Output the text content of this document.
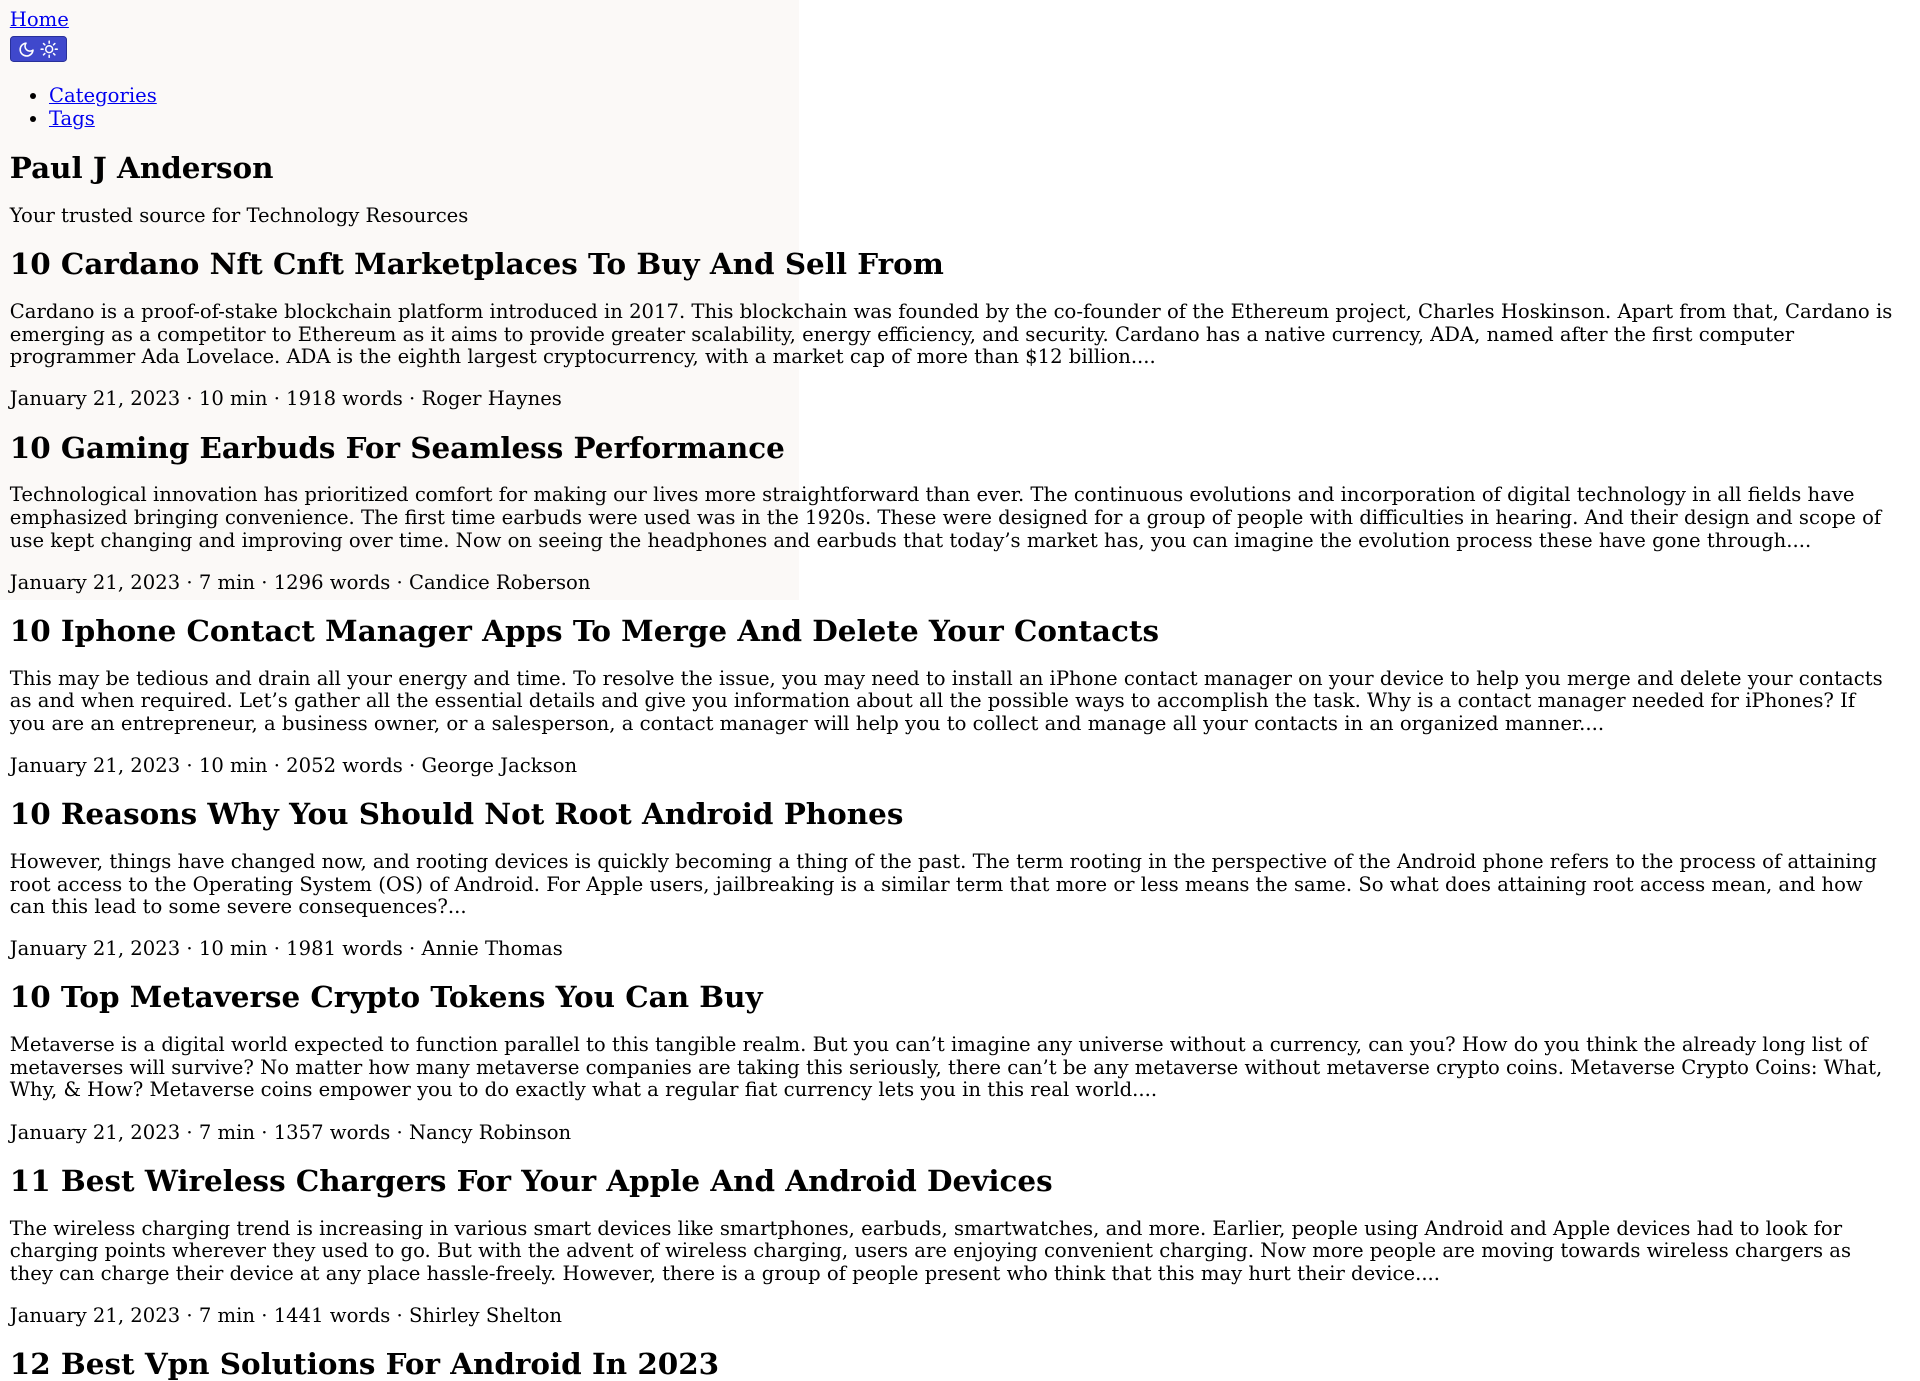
Home

• Categories
• Tags
Paul J Anderson

Your trusted source for Technology Resources

10 Cardano Nft Cnft Marketplaces To Buy And Sell From

Cardano is a proof-of-stake blockchain platform introduced in 2017. This blockchain was founded by the co-founder of the Ethereum project, Charles Hoskinson. Apart from that, Cardano is emerging as a competitor to Ethereum as it aims to provide greater scalability, energy efficiency, and security. Cardano has a native currency, ADA, named after the first computer programmer Ada Lovelace. ADA is the eighth largest cryptocurrency, with a market cap of more than $12 billion....

January 21, 2023 · 10 min · 1918 words · Roger Haynes
10 Gaming Earbuds For Seamless Performance

Technological innovation has prioritized comfort for making our lives more straightforward than ever. The continuous evolutions and incorporation of digital technology in all fields have emphasized bringing convenience. The first time earbuds were used was in the 1920s. These were designed for a group of people with difficulties in hearing. And their design and scope of use kept changing and improving over time. Now on seeing the headphones and earbuds that today’s market has, you can imagine the evolution process these have gone through....

January 21, 2023 · 7 min · 1296 words · Candice Roberson
10 Iphone Contact Manager Apps To Merge And Delete Your Contacts

This may be tedious and drain all your energy and time. To resolve the issue, you may need to install an iPhone contact manager on your device to help you merge and delete your contacts as and when required. Let’s gather all the essential details and give you information about all the possible ways to accomplish the task. Why is a contact manager needed for iPhones? If you are an entrepreneur, a business owner, or a salesperson, a contact manager will help you to collect and manage all your contacts in an organized manner....

January 21, 2023 · 10 min · 2052 words · George Jackson
10 Reasons Why You Should Not Root Android Phones

However, things have changed now, and rooting devices is quickly becoming a thing of the past. The term rooting in the perspective of the Android phone refers to the process of attaining root access to the Operating System (OS) of Android. For Apple users, jailbreaking is a similar term that more or less means the same. So what does attaining root access mean, and how can this lead to some severe consequences?...

January 21, 2023 · 10 min · 1981 words · Annie Thomas
10 Top Metaverse Crypto Tokens You Can Buy

Metaverse is a digital world expected to function parallel to this tangible realm. But you can’t imagine any universe without a currency, can you? How do you think the already long list of metaverses will survive? No matter how many metaverse companies are taking this seriously, there can’t be any metaverse without metaverse crypto coins. Metaverse Crypto Coins: What, Why, & How? Metaverse coins empower you to do exactly what a regular fiat currency lets you in this real world....

January 21, 2023 · 7 min · 1357 words · Nancy Robinson
11 Best Wireless Chargers For Your Apple And Android Devices

The wireless charging trend is increasing in various smart devices like smartphones, earbuds, smartwatches, and more. Earlier, people using Android and Apple devices had to look for charging points wherever they used to go. But with the advent of wireless charging, users are enjoying convenient charging. Now more people are moving towards wireless chargers as they can charge their device at any place hassle-freely. However, there is a group of people present who think that this may hurt their device....

January 21, 2023 · 7 min · 1441 words · Shirley Shelton
12 Best Vpn Solutions For Android In 2023
